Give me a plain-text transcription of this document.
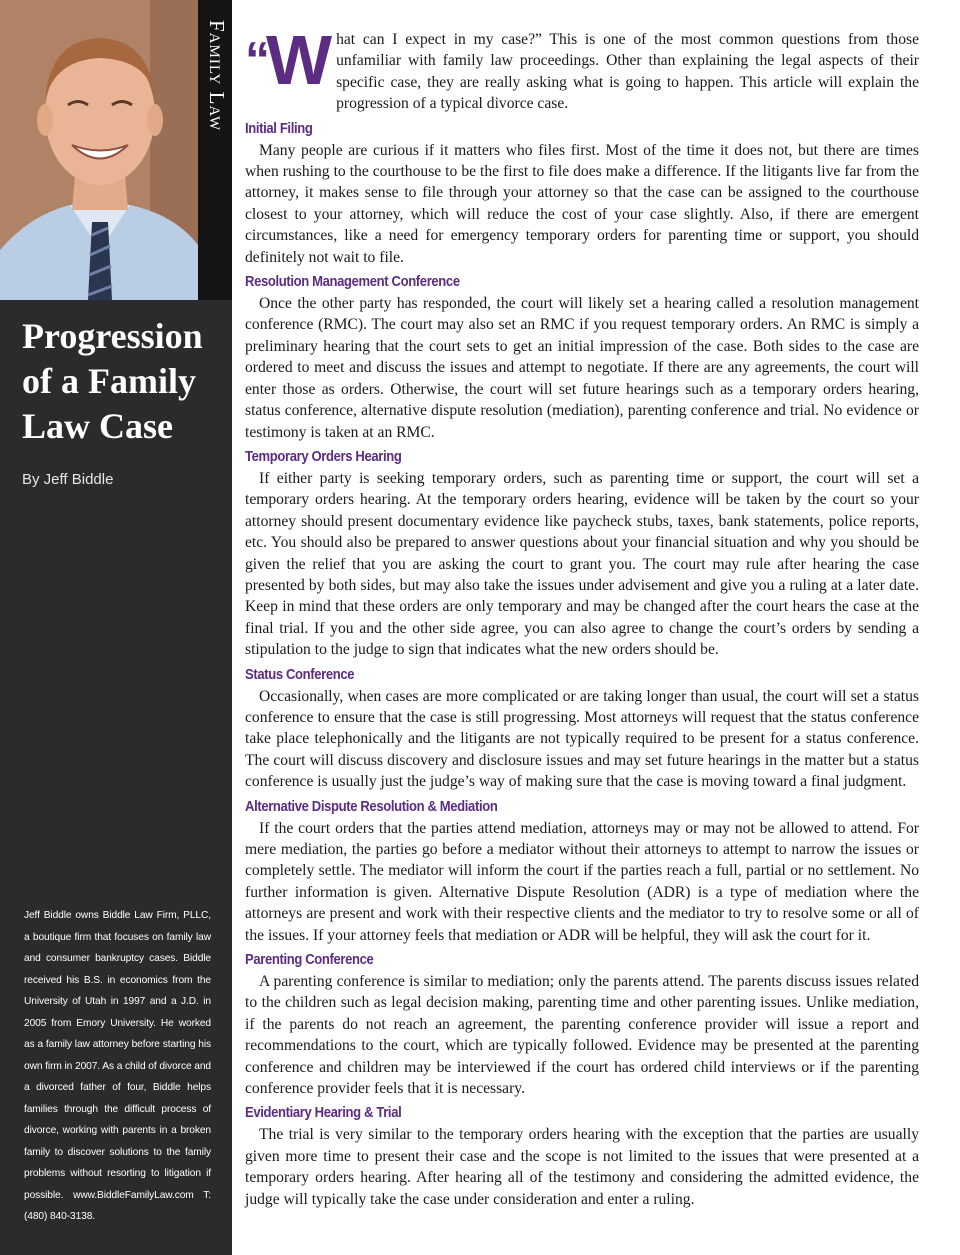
Family Law
Progression of a Family Law Case
By Jeff Biddle
Jeff Biddle owns Biddle Law Firm, PLLC, a boutique firm that focuses on family law and consumer bankruptcy cases. Biddle received his B.S. in economics from the University of Utah in 1997 and a J.D. in 2005 from Emory University. He worked as a family law attorney before starting his own firm in 2007. As a child of divorce and a divorced father of four, Biddle helps families through the difficult process of divorce, working with parents in a broken family to discover solutions to the family problems without resorting to litigation if possible. www.BiddleFamilyLaw.com T: (480) 840-3138.
“W hat can I expect in my case?” This is one of the most common questions from those unfamiliar with family law proceedings. Other than explaining the legal aspects of their specific case, they are really asking what is going to happen. This article will explain the progression of a typical divorce case.

Initial Filing

Many people are curious if it matters who files first. Most of the time it does not, but there are times when rushing to the courthouse to be the first to file does make a difference. If the litigants live far from the attorney, it makes sense to file through your attorney so that the case can be assigned to the courthouse closest to your attorney, which will reduce the cost of your case slightly. Also, if there are emergent circumstances, like a need for emergency temporary orders for parenting time or support, you should definitely not wait to file.

Resolution Management Conference

Once the other party has responded, the court will likely set a hearing called a resolution management conference (RMC). The court may also set an RMC if you request temporary orders. An RMC is simply a preliminary hearing that the court sets to get an initial impression of the case. Both sides to the case are ordered to meet and discuss the issues and attempt to negotiate. If there are any agreements, the court will enter those as orders. Otherwise, the court will set future hearings such as a temporary orders hearing, status conference, alternative dispute resolution (mediation), parenting conference and trial. No evidence or testimony is taken at an RMC.

Temporary Orders Hearing

If either party is seeking temporary orders, such as parenting time or support, the court will set a temporary orders hearing. At the temporary orders hearing, evidence will be taken by the court so your attorney should present documentary evidence like paycheck stubs, taxes, bank statements, police reports, etc. You should also be prepared to answer questions about your financial situation and why you should be given the relief that you are asking the court to grant you. The court may rule after hearing the case presented by both sides, but may also take the issues under advisement and give you a ruling at a later date. Keep in mind that these orders are only temporary and may be changed after the court hears the case at the final trial. If you and the other side agree, you can also agree to change the court’s orders by sending a stipulation to the judge to sign that indicates what the new orders should be.

Status Conference

Occasionally, when cases are more complicated or are taking longer than usual, the court will set a status conference to ensure that the case is still progressing. Most attorneys will request that the status conference take place telephonically and the litigants are not typically required to be present for a status conference. The court will discuss discovery and disclosure issues and may set future hearings in the matter but a status conference is usually just the judge’s way of making sure that the case is moving toward a final judgment.

Alternative Dispute Resolution & Mediation

If the court orders that the parties attend mediation, attorneys may or may not be allowed to attend. For mere mediation, the parties go before a mediator without their attorneys to attempt to narrow the issues or completely settle. The mediator will inform the court if the parties reach a full, partial or no settlement. No further information is given. Alternative Dispute Resolution (ADR) is a type of mediation where the attorneys are present and work with their respective clients and the mediator to try to resolve some or all of the issues. If your attorney feels that mediation or ADR will be helpful, they will ask the court for it.

Parenting Conference

A parenting conference is similar to mediation; only the parents attend. The parents discuss issues related to the children such as legal decision making, parenting time and other parenting issues. Unlike mediation, if the parents do not reach an agreement, the parenting conference provider will issue a report and recommendations to the court, which are typically followed. Evidence may be presented at the parenting conference and children may be interviewed if the court has ordered child interviews or if the parenting conference provider feels that it is necessary.

Evidentiary Hearing & Trial

The trial is very similar to the temporary orders hearing with the exception that the parties are usually given more time to present their case and the scope is not limited to the issues that were presented at a temporary orders hearing. After hearing all of the testimony and considering the admitted evidence, the judge will typically take the case under consideration and enter a ruling.
